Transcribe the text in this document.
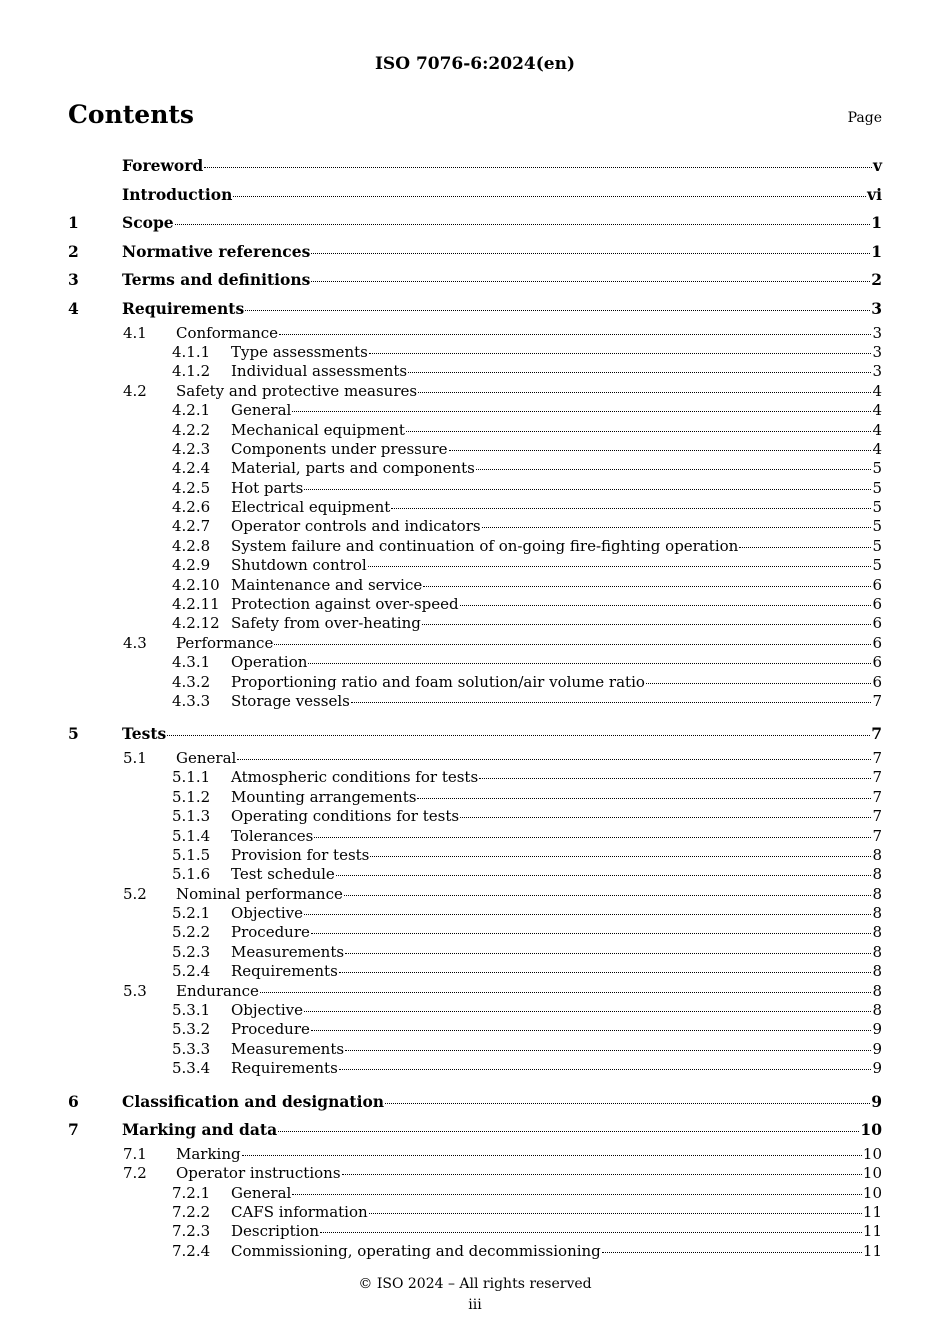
ISO 7076-6:2024(en)
Contents	Page
Foreword	v
Introduction	vi
1	Scope	1
2	Normative references	1
3	Terms and definitions	2
4	Requirements	3
4.1 Conformance	3
4.1.1 Type assessments	3
4.1.2 Individual assessments	3
4.2 Safety and protective measures	4
4.2.1 General	4
4.2.2 Mechanical equipment	4
4.2.3 Components under pressure	4
4.2.4 Material, parts and components	5
4.2.5 Hot parts	5
4.2.6 Electrical equipment	5
4.2.7 Operator controls and indicators	5
4.2.8 System failure and continuation of on-going fire-fighting operation	5
4.2.9 Shutdown control	5
4.2.10 Maintenance and service	6
4.2.11 Protection against over-speed	6
4.2.12 Safety from over-heating	6
4.3 Performance	6
4.3.1 Operation	6
4.3.2 Proportioning ratio and foam solution/air volume ratio	6
4.3.3 Storage vessels	7
5	Tests	7
5.1 General	7
5.1.1 Atmospheric conditions for tests	7
5.1.2 Mounting arrangements	7
5.1.3 Operating conditions for tests	7
5.1.4 Tolerances	7
5.1.5 Provision for tests	8
5.1.6 Test schedule	8
5.2 Nominal performance	8
5.2.1 Objective	8
5.2.2 Procedure	8
5.2.3 Measurements	8
5.2.4 Requirements	8
5.3 Endurance	8
5.3.1 Objective	8
5.3.2 Procedure	9
5.3.3 Measurements	9
5.3.4 Requirements	9
6	Classification and designation	9
7	Marking and data	10
7.1 Marking	10
7.2 Operator instructions	10
7.2.1 General	10
7.2.2 CAFS information	11
7.2.3 Description	11
7.2.4 Commissioning, operating and decommissioning	11
© ISO 2024 – All rights reserved
iii
